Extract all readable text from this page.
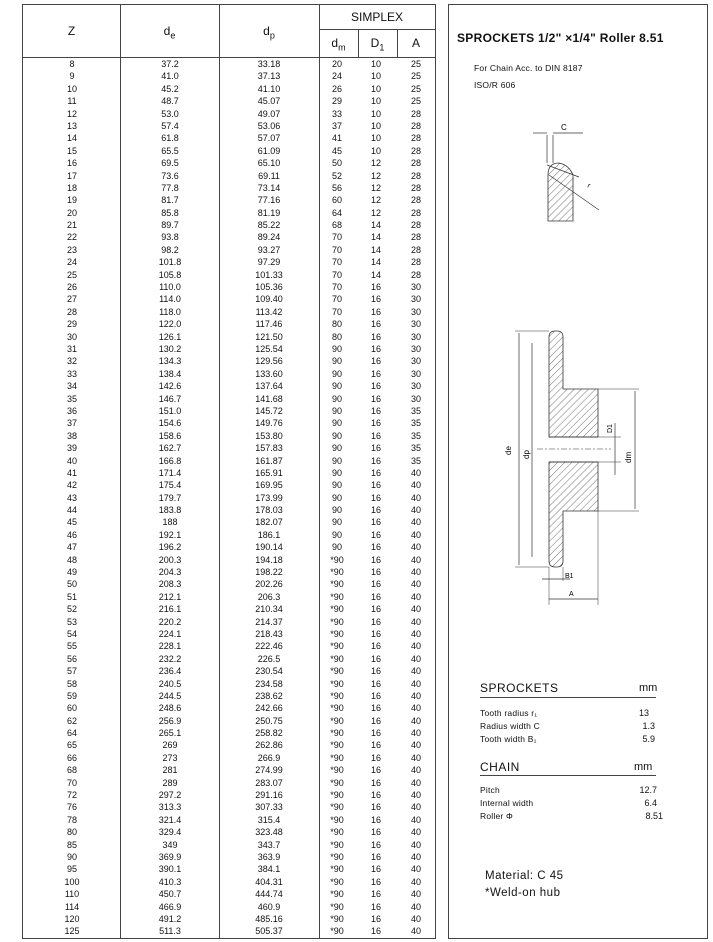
Z	$d_e$	$d_p$
SIMPLEX
$d_m$	$D_1$	A
8	37.2	33.18	20	10	25
9	41.0	37.13	24	10	25
10	45.2	41.10	26	10	25
11	48.7	45.07	29	10	25
12	53.0	49.07	33	10	28
13	57.4	53.06	37	10	28
14	61.8	57.07	41	10	28
15	65.5	61.09	45	10	28
16	69.5	65.10	50	12	28
17	73.6	69.11	52	12	28
18	77.8	73.14	56	12	28
19	81.7	77.16	60	12	28
20	85.8	81.19	64	12	28
21	89.7	85.22	68	14	28
22	93.8	89.24	70	14	28
23	98.2	93.27	70	14	28
24	101.8	97.29	70	14	28
25	105.8	101.33	70	14	28
26	110.0	105.36	70	16	30
27	114.0	109.40	70	16	30
28	118.0	113.42	70	16	30
29	122.0	117.46	80	16	30
30	126.1	121.50	80	16	30
31	130.2	125.54	90	16	30
32	134.3	129.56	90	16	30
33	138.4	133.60	90	16	30
34	142.6	137.64	90	16	30
35	146.7	141.68	90	16	30
36	151.0	145.72	90	16	35
37	154.6	149.76	90	16	35
38	158.6	153.80	90	16	35
39	162.7	157.83	90	16	35
40	166.8	161.87	90	16	35
41	171.4	165.91	90	16	40
42	175.4	169.95	90	16	40
43	179.7	173.99	90	16	40
44	183.8	178.03	90	16	40
45	188	182.07	90	16	40
46	192.1	186.1	90	16	40
47	196.2	190.14	90	16	40
48	200.3	194.18	*90	16	40
49	204.3	198.22	*90	16	40
50	208.3	202.26	*90	16	40
51	212.1	206.3	*90	16	40
52	216.1	210.34	*90	16	40
53	220.2	214.37	*90	16	40
54	224.1	218.43	*90	16	40
55	228.1	222.46	*90	16	40
56	232.2	226.5	*90	16	40
57	236.4	230.54	*90	16	40
58	240.5	234.58	*90	16	40
59	244.5	238.62	*90	16	40
60	248.6	242.66	*90	16	40
62	256.9	250.75	*90	16	40
64	265.1	258.82	*90	16	40
65	269	262.86	*90	16	40
66	273	266.9	*90	16	40
68	281	274.99	*90	16	40
70	289	283.07	*90	16	40
72	297.2	291.16	*90	16	40
76	313.3	307.33	*90	16	40
78	321.4	315.4	*90	16	40
80	329.4	323.48	*90	16	40
85	349	343.7	*90	16	40
90	369.9	363.9	*90	16	40
95	390.1	384.1	*90	16	40
100	410.3	404.31	*90	16	40
110	450.7	444.74	*90	16	40
114	466.9	460.9	*90	16	40
120	491.2	485.16	*90	16	40
125	511.3	505.37	*90	16	40
SPROCKETS 1/2" ×1/4" Roller 8.51
For Chain Acc. to DIN 8187
ISO/R 606
C
r
de dp
D1
dm
B1
A
SPROCKETS	mm
Tooth radius r₁	13
Radius width C	1.3
Tooth width B₁	5.9
CHAIN	mm
Pitch	12.7
Internal width	6.4
Roller Φ	8.51
Material: C 45
*Weld-on hub
